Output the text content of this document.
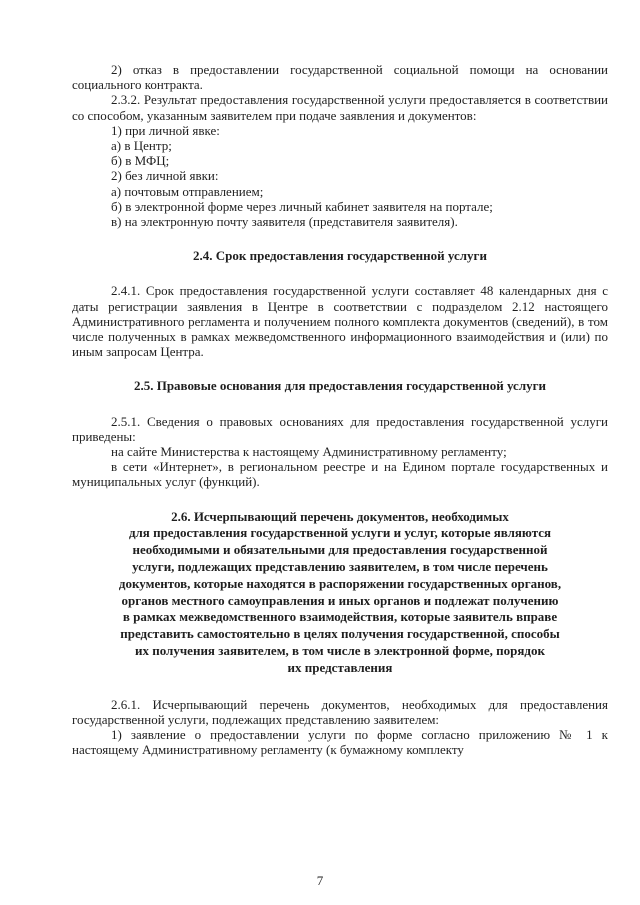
2) отказ в предоставлении государственной социальной помощи на основании социального контракта.

2.3.2. Результат предоставления государственной услуги предоставляется в соответствии со способом, указанным заявителем при подаче заявления и документов:

1) при личной явке:

а) в Центр;

б) в МФЦ;

2) без личной явки:

а) почтовым отправлением;

б) в электронной форме через личный кабинет заявителя на портале;

в) на электронную почту заявителя (представителя заявителя).

2.4. Срок предоставления государственной услуги

2.4.1. Срок предоставления государственной услуги составляет 48 календарных дня с даты регистрации заявления в Центре в соответствии с подразделом 2.12 настоящего Административного регламента и получением полного комплекта документов (сведений), в том числе полученных в рамках межведомственного информационного взаимодействия и (или) по иным запросам Центра.

2.5. Правовые основания для предоставления государственной услуги

2.5.1. Сведения о правовых основаниях для предоставления государственной услуги приведены:

на сайте Министерства к настоящему Административному регламенту;

в сети «Интернет», в региональном реестре и на Едином портале государственных и муниципальных услуг (функций).

2.6. Исчерпывающий перечень документов, необходимых
для предоставления государственной услуги и услуг, которые являются
необходимыми и обязательными для предоставления государственной
услуги, подлежащих представлению заявителем, в том числе перечень
документов, которые находятся в распоряжении государственных органов,
органов местного самоуправления и иных органов и подлежат получению
в рамках межведомственного взаимодействия, которые заявитель вправе
представить самостоятельно в целях получения государственной, способы
их получения заявителем, в том числе в электронной форме, порядок
их представления

2.6.1. Исчерпывающий перечень документов, необходимых для предоставления государственной услуги, подлежащих представлению заявителем:

1) заявление о предоставлении услуги по форме согласно приложению № 1 к настоящему Административному регламенту (к бумажному комплекту

7
